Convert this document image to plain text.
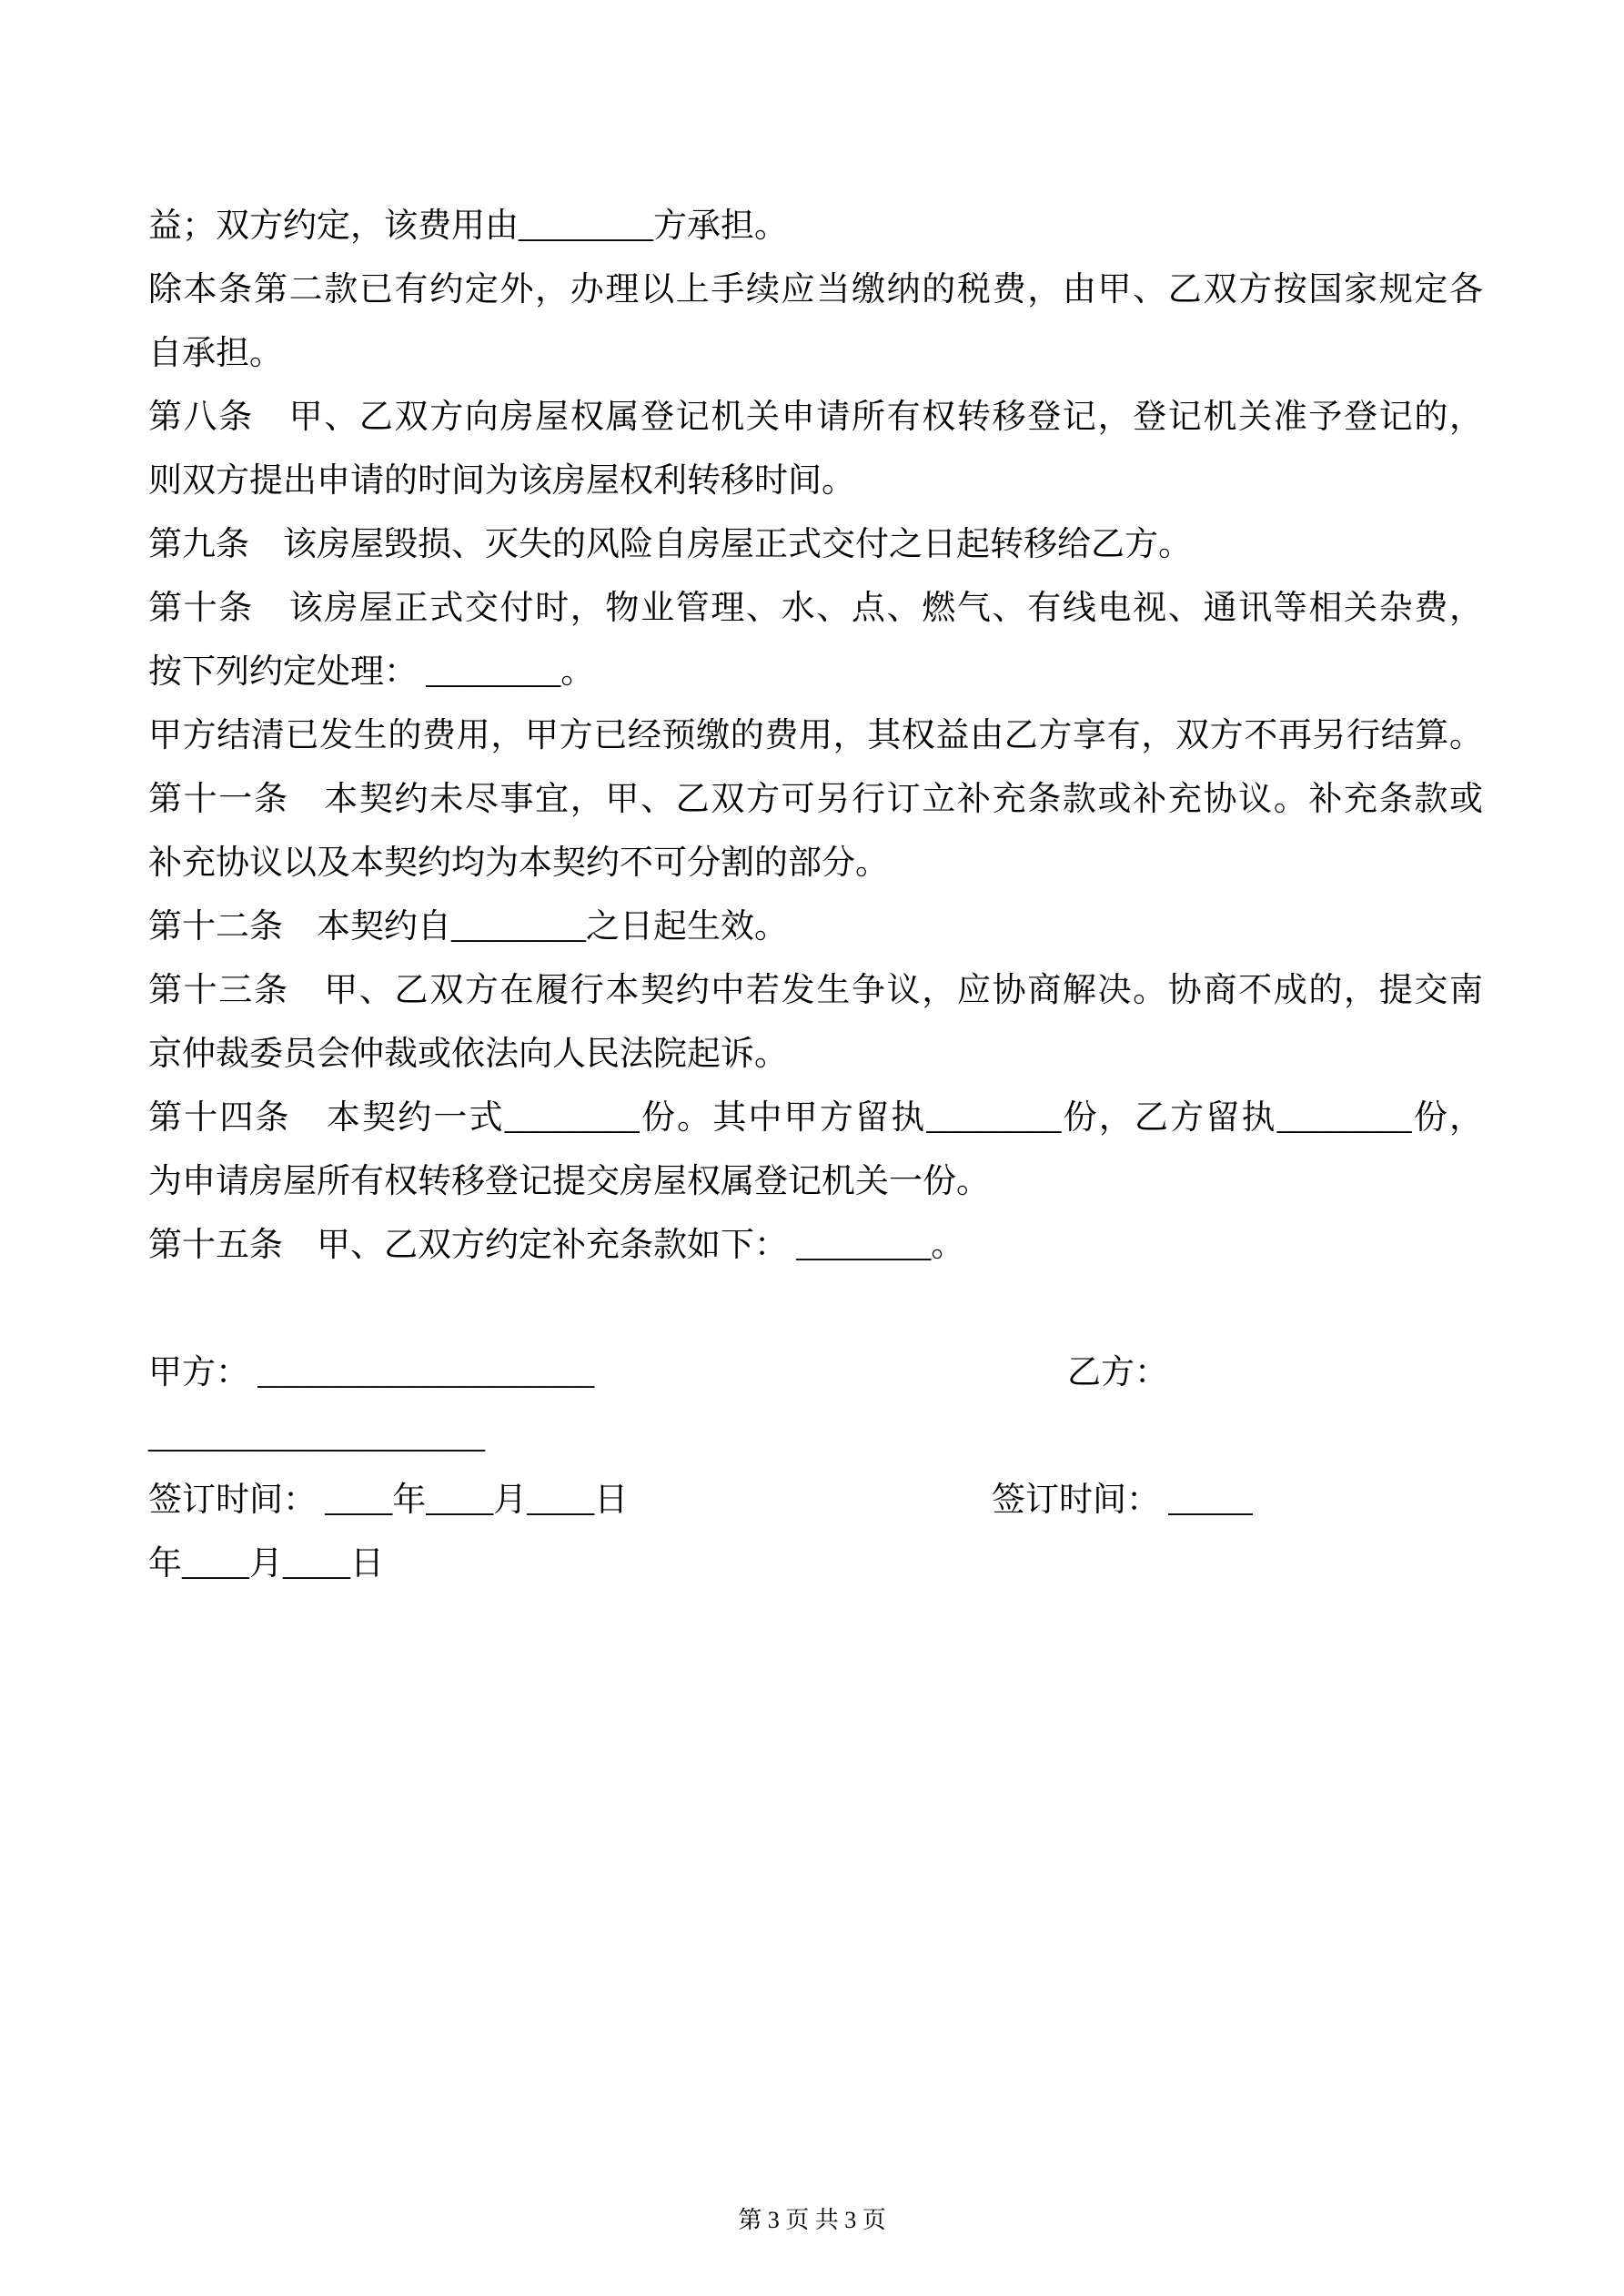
益；双方约定，该费用由________方承担。
除本条第二款已有约定外，办理以上手续应当缴纳的税费，由甲、乙双方按国家规定各
自承担。
第八条　甲、乙双方向房屋权属登记机关申请所有权转移登记，登记机关准予登记的，
则双方提出申请的时间为该房屋权利转移时间。
第九条　该房屋毁损、灭失的风险自房屋正式交付之日起转移给乙方。
第十条　该房屋正式交付时，物业管理、水、点、燃气、有线电视、通讯等相关杂费，
按下列约定处理： ________。
甲方结清已发生的费用，甲方已经预缴的费用，其权益由乙方享有，双方不再另行结算。
第十一条　本契约未尽事宜，甲、乙双方可另行订立补充条款或补充协议。补充条款或
补充协议以及本契约均为本契约不可分割的部分。
第十二条　本契约自________之日起生效。
第十三条　甲、乙双方在履行本契约中若发生争议，应协商解决。协商不成的，提交南
京仲裁委员会仲裁或依法向人民法院起诉。
第十四条　本契约一式________份。其中甲方留执________份，乙方留执________份，
为申请房屋所有权转移登记提交房屋权属登记机关一份。
第十五条　甲、乙双方约定补充条款如下： ________。
甲方： ____________________	乙方：
____________________
签订时间： ____年____月____日	签订时间： _____
年____月____日
第 3 页 共 3 页
